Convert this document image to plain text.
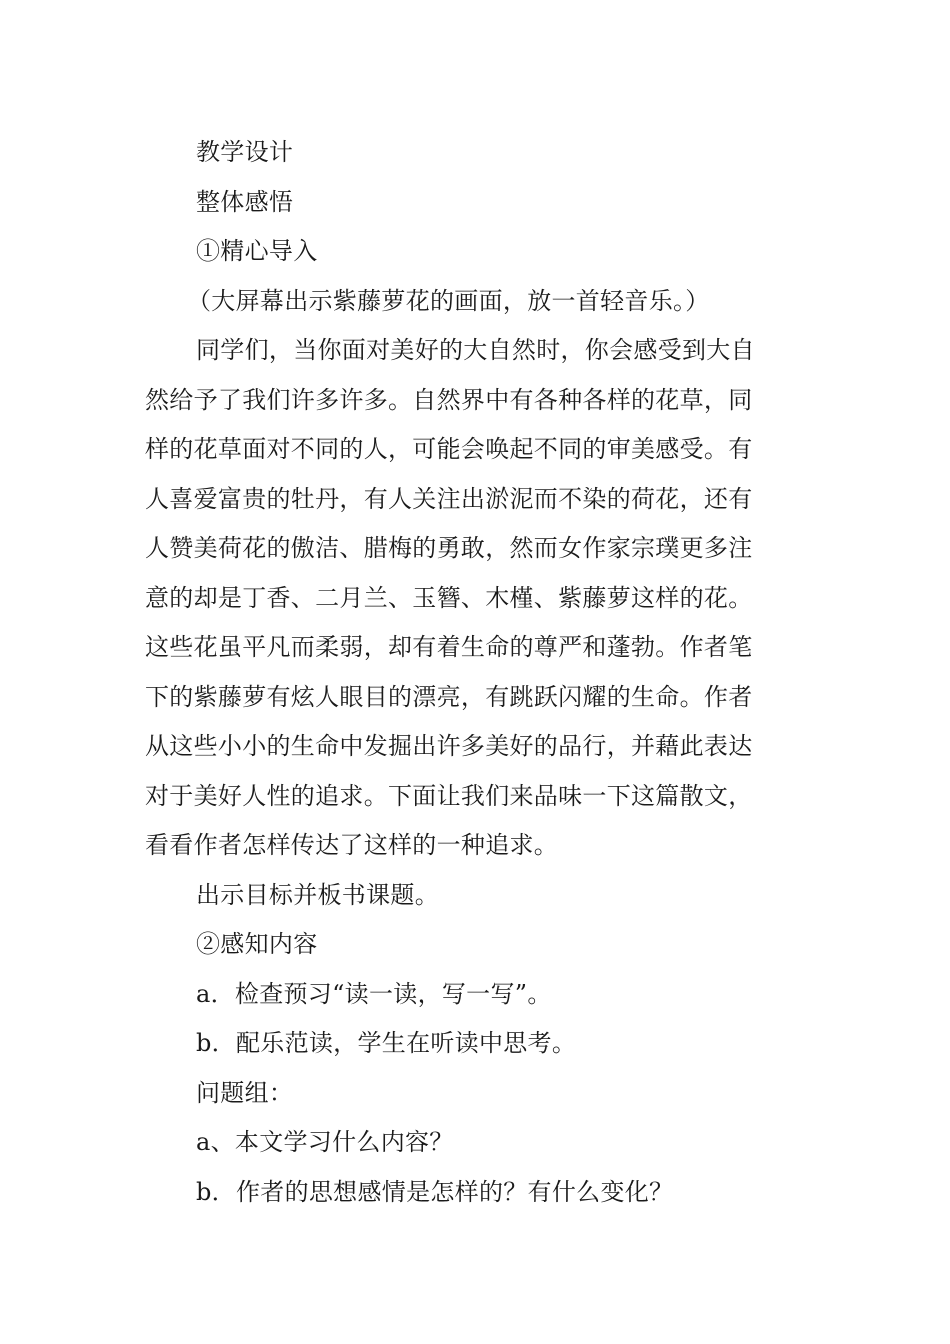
教学设计
整体感悟
①精心导入
（大屏幕出示紫藤萝花的画面，放一首轻音乐。）
同学们，当你面对美好的大自然时，你会感受到大自
然给予了我们许多许多。自然界中有各种各样的花草，同
样的花草面对不同的人，可能会唤起不同的审美感受。有
人喜爱富贵的牡丹，有人关注出淤泥而不染的荷花，还有
人赞美荷花的傲洁、腊梅的勇敢，然而女作家宗璞更多注
意的却是丁香、二月兰、玉簪、木槿、紫藤萝这样的花。
这些花虽平凡而柔弱，却有着生命的尊严和蓬勃。作者笔
下的紫藤萝有炫人眼目的漂亮，有跳跃闪耀的生命。作者
从这些小小的生命中发掘出许多美好的品行，并藉此表达
对于美好人性的追求。下面让我们来品味一下这篇散文，
看看作者怎样传达了这样的一种追求。
出示目标并板书课题。
②感知内容
a．检查预习“读一读，写一写”。
b．配乐范读，学生在听读中思考。
问题组：
a、本文学习什么内容？
b．作者的思想感情是怎样的？有什么变化？
